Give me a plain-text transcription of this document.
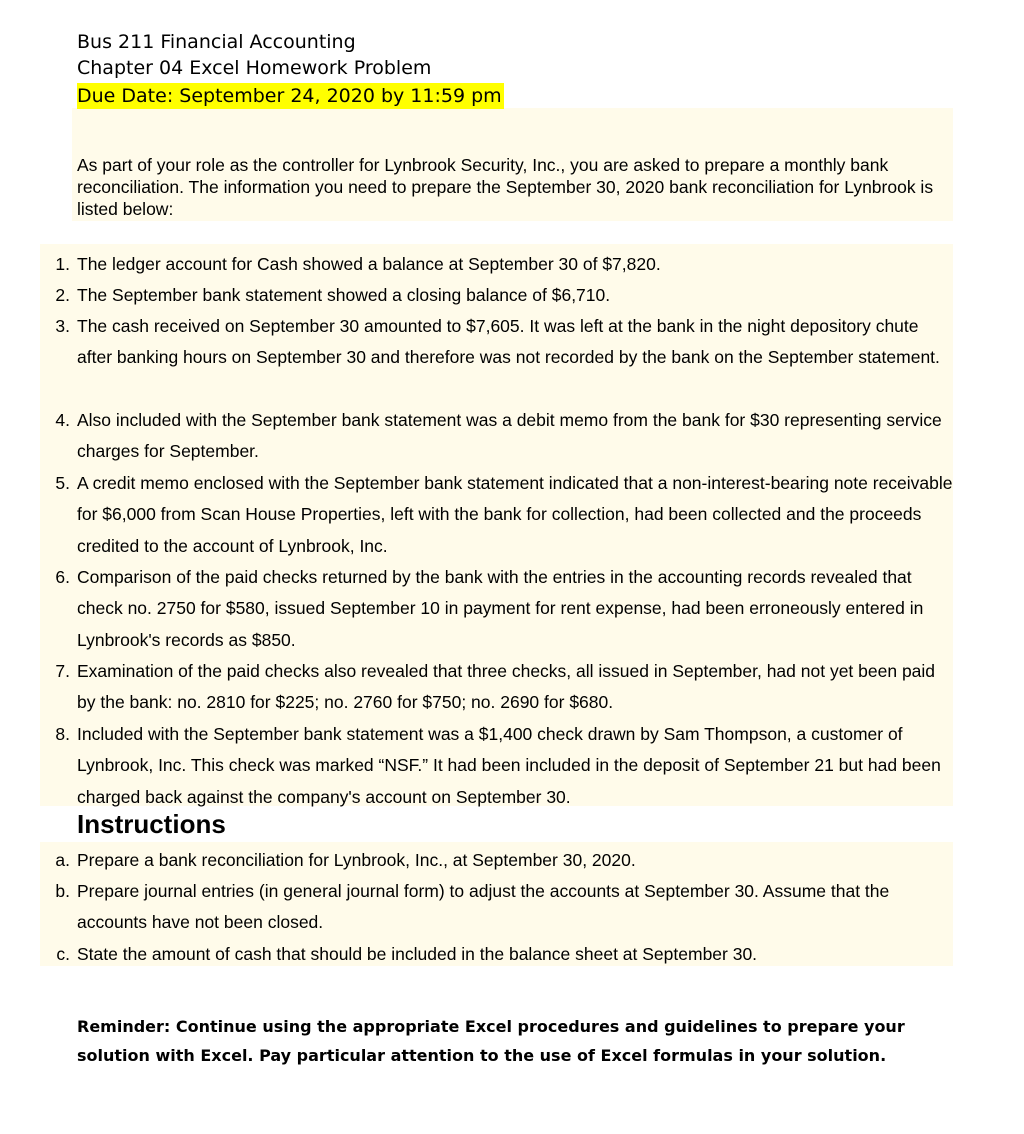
Bus 211 Financial Accounting
Chapter 04 Excel Homework Problem
Due Date: September 24, 2020 by 11:59 pm

As part of your role as the controller for Lynbrook Security, Inc., you are asked to prepare a monthly bank reconciliation. The information you need to prepare the September 30, 2020 bank reconciliation for Lynbrook is listed below:

1. The ledger account for Cash showed a balance at September 30 of $7,820.
2. The September bank statement showed a closing balance of $6,710.
3. The cash received on September 30 amounted to $7,605. It was left at the bank in the night depository chute after banking hours on September 30 and therefore was not recorded by the bank on the September statement.
4. Also included with the September bank statement was a debit memo from the bank for $30 representing service charges for September.
5. A credit memo enclosed with the September bank statement indicated that a non-interest-bearing note receivable for $6,000 from Scan House Properties, left with the bank for collection, had been collected and the proceeds credited to the account of Lynbrook, Inc.
6. Comparison of the paid checks returned by the bank with the entries in the accounting records revealed that check no. 2750 for $580, issued September 10 in payment for rent expense, had been erroneously entered in Lynbrook's records as $850.
7. Examination of the paid checks also revealed that three checks, all issued in September, had not yet been paid by the bank: no. 2810 for $225; no. 2760 for $750; no. 2690 for $680.
8. Included with the September bank statement was a $1,400 check drawn by Sam Thompson, a customer of Lynbrook, Inc. This check was marked “NSF.” It had been included in the deposit of September 21 but had been charged back against the company's account on September 30.
Instructions
a. Prepare a bank reconciliation for Lynbrook, Inc., at September 30, 2020.
b. Prepare journal entries (in general journal form) to adjust the accounts at September 30. Assume that the accounts have not been closed.
c. State the amount of cash that should be included in the balance sheet at September 30.

Reminder: Continue using the appropriate Excel procedures and guidelines to prepare your solution with Excel. Pay particular attention to the use of Excel formulas in your solution.
